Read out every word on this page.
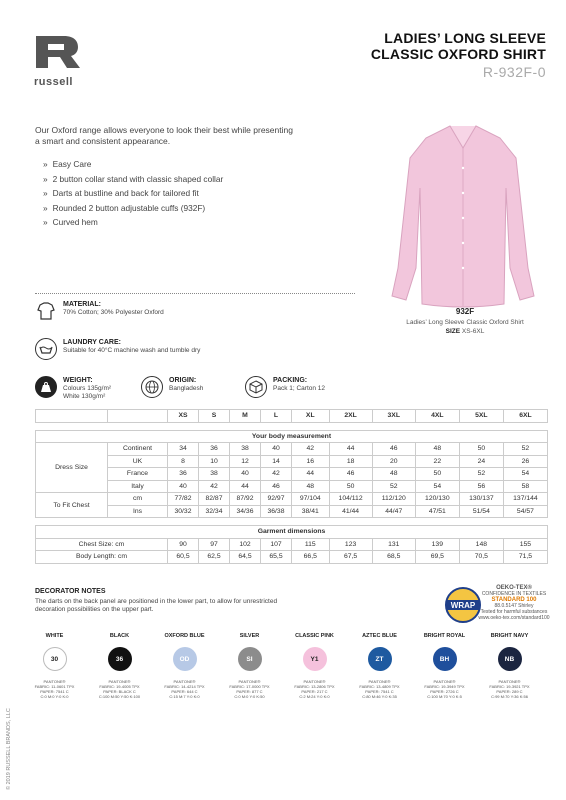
russell
LADIES’ LONG SLEEVE
CLASSIC OXFORD SHIRT
R-932F-0
Our Oxford range allows everyone to look their best while presenting a smart and consistent appearance.
» Easy Care
» 2 button collar stand with classic shaped collar
» Darts at bustline and back for tailored fit
» Rounded 2 button adjustable cuffs (932F)
» Curved hem
932F
Ladies’ Long Sleeve Classic Oxford Shirt
SIZE XS-6XL
MATERIAL:
70% Cotton; 30% Polyester Oxford
LAUNDRY CARE:
Suitable for 40°C machine wash and tumble dry
WEIGHT:
Colours 135g/m²
White 130g/m²
ORIGIN:
Bangladesh
PACKING:
Pack 1; Carton 12
		XS	S	M	L	XL	2XL	3XL	4XL	5XL	6XL

Your body measurement											
Dress Size	Continent	34	36	38	40	42	44	46	48	50	52
	UK	8	10	12	14	16	18	20	22	24	26
	France	36	38	40	42	44	46	48	50	52	54
	Italy	40	42	44	46	48	50	52	54	56	58
To Fit Chest	cm	77/82	82/87	87/92	92/97	97/104	104/112	112/120	120/130	130/137	137/144
	Ins	30/32	32/34	34/36	36/38	38/41	41/44	44/47	47/51	51/54	54/57

Garment dimensions											
Chest Size: cm		90	97	102	107	115	123	131	139	148	155
Body Length: cm		60,5	62,5	64,5	65,5	66,5	67,5	68,5	69,5	70,5	71,5
DECORATOR NOTES
The darts on the back panel are positioned in the lower part, to allow for unrestricted decoration possibilities on the upper part.	WRAP
OEKO-TEX®
CONFIDENCE IN TEXTILES
STANDARD 100
88.0.5147 Shirley
Tested for harmful substances
www.oeko-tex.com/standard100
WHITE
30
PANTONE®
FABRIC: 11-0601 TPX
PAPER: 7541 C
C:0 M:0 Y:0 K:0
BLACK
36
PANTONE®
FABRIC: 19-4005 TPX
PAPER: BLACK C
C:100 M:50 Y:50 K:100
OXFORD BLUE
OD
PANTONE®
FABRIC: 14-4214 TPX
PAPER: 644 C
C:15 M:7 Y:0 K:0
SILVER
SI
PANTONE®
FABRIC: 17-0000 TPX
PAPER: 877 C
C:0 M:0 Y:0 K:50
CLASSIC PINK
Y1
PANTONE®
FABRIC: 13-2806 TPX
PAPER: 217 C
C:2 M:24 Y:0 K:0
AZTEC BLUE
ZT
PANTONE®
FABRIC: 13-4809 TPX
PAPER: 7541 C
C:80 M:46 Y:0 K:35
BRIGHT ROYAL
BH
PANTONE®
FABRIC: 19-3949 TPX
PAPER: 2726 C
C:100 M:70 Y:0 K:5
BRIGHT NAVY
NB
PANTONE®
FABRIC: 19-3921 TPX
PAPER: 289 C
C:99 M:70 Y:36 K:56
© 2019 RUSSELL BRANDS, LLC
